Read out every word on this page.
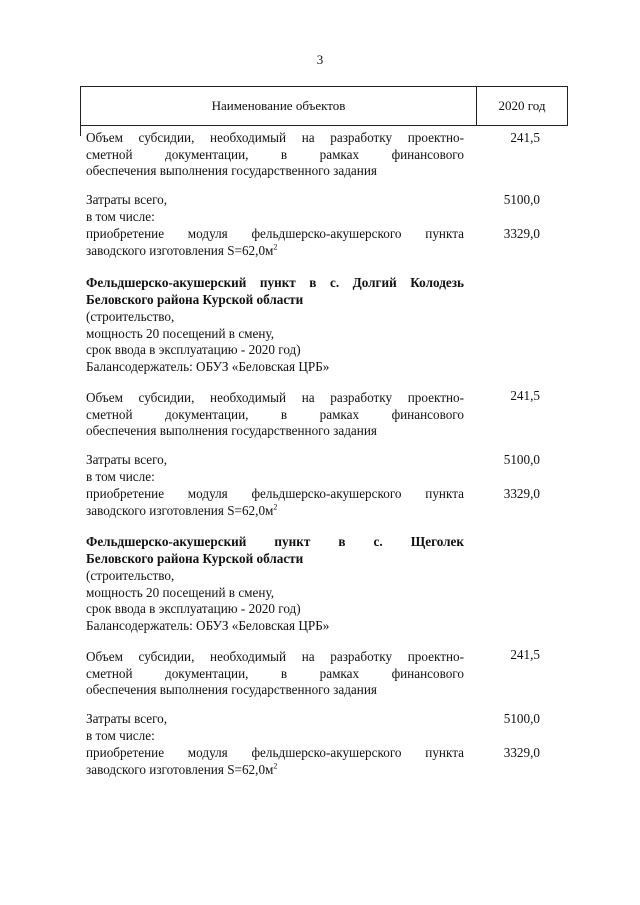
3
Наименование объектов	2020 год
Объем субсидии, необходимый на разработку проектно-
сметной документации, в рамках финансового
обеспечения выполнения государственного задания
241,5
Затраты всего,
в том числе:
5100,0
приобретение модуля фельдшерско-акушерского пункта
заводского изготовления $S=62,0м^2$
3329,0
Фельдшерско-акушерский пункт в с. Долгий Колодезь
Беловского района Курской области
(строительство,
мощность 20 посещений в смену,
срок ввода в эксплуатацию - 2020 год)
Балансодержатель: ОБУЗ «Беловская ЦРБ»
Объем субсидии, необходимый на разработку проектно-
сметной документации, в рамках финансового
обеспечения выполнения государственного задания
241,5
Затраты всего,
в том числе:
5100,0
приобретение модуля фельдшерско-акушерского пункта
заводского изготовления $S=62,0м^2$
3329,0
Фельдшерско-акушерский пункт в с. Щеголек
Беловского района Курской области
(строительство,
мощность 20 посещений в смену,
срок ввода в эксплуатацию - 2020 год)
Балансодержатель: ОБУЗ «Беловская ЦРБ»
Объем субсидии, необходимый на разработку проектно-
сметной документации, в рамках финансового
обеспечения выполнения государственного задания
241,5
Затраты всего,
в том числе:
5100,0
приобретение модуля фельдшерско-акушерского пункта
заводского изготовления $S=62,0м^2$
3329,0
